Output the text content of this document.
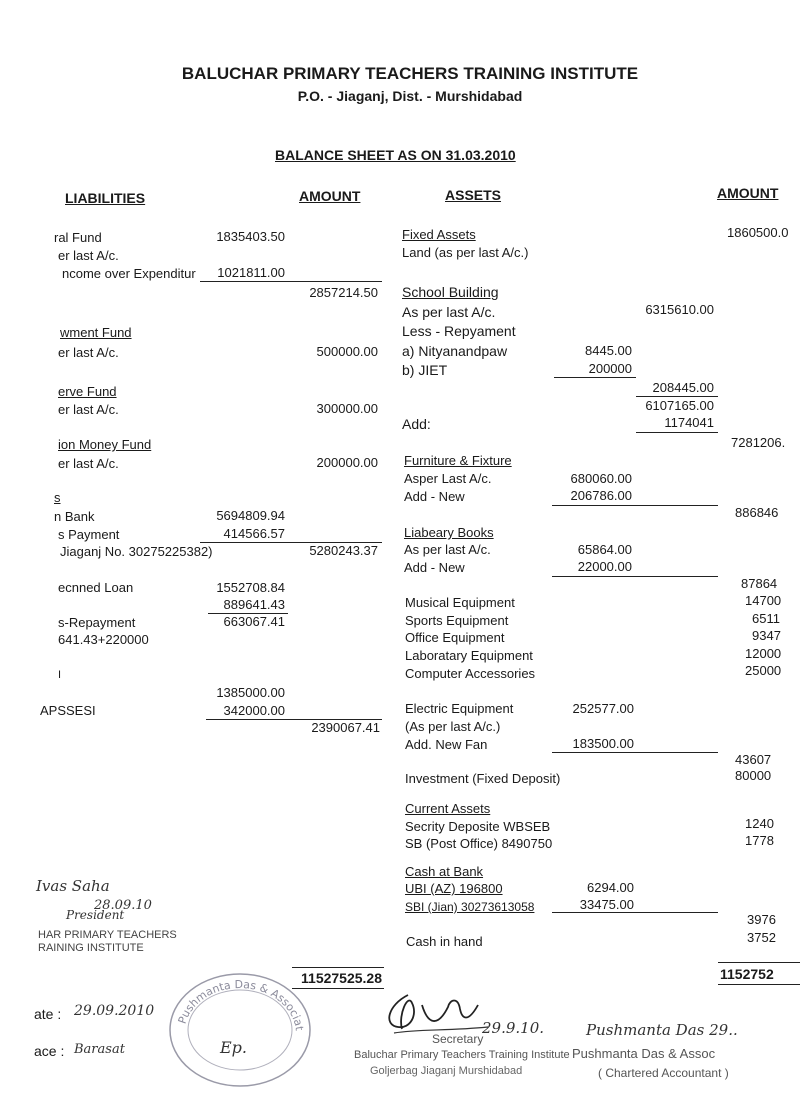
BALUCHAR PRIMARY TEACHERS TRAINING INSTITUTE
P.O. - Jiaganj, Dist. - Murshidabad
BALANCE SHEET AS ON 31.03.2010
LIABILITIES	AMOUNT	ASSETS	AMOUNT
ral Fund	1835403.50
er last A/c.
ncome over Expenditur	1021811.00
2857214.50
wment Fund
er last A/c.	500000.00
erve Fund
er last A/c.	300000.00
ion Money Fund
er last A/c.	200000.00
s
n Bank	5694809.94
s Payment	414566.57
Jiaganj No. 30275225382)	5280243.37
ecnned Loan	1552708.84
889641.43
s-Repayment	663067.41
641.43+220000
I
1385000.00
APSSESI	342000.00
2390067.41
11527525.28
Fixed Assets
Land (as per last A/c.)
1860500.0
School Building
As per last A/c.	6315610.00
Less - Repyament
a) Nityanandpaw	8445.00
b) JIET	200000
208445.00
6107165.00
Add:	1174041
7281206.
Furniture & Fixture
Asper Last A/c.	680060.00
Add - New	206786.00
886846
Liabeary Books
As per last A/c.	65864.00
Add - New	22000.00
87864
Musical Equipment	14700
Sports Equipment	6511
Office Equipment	9347
Laboratary Equipment	12000
Computer Accessories	25000
Electric Equipment	252577.00
(As per last A/c.)
Add. New Fan	183500.00
43607
Investment (Fixed Deposit)	80000
Current Assets
Secrity Deposite WBSEB	1240
SB (Post Office) 8490750	1778
Cash at Bank
UBI (AZ) 196800	6294.00
SBI (Jian) 30273613058	33475.00
3976
Cash in hand	3752
1152752
Ivas Saha
28.09.10
President
HAR PRIMARY TEACHERS
RAINING INSTITUTE
ate : 29.09.2010
ace : Barasat	Ep.
Pushmanta Das & Associat	29.9.10.
Secretary
Baluchar Primary Teachers Training Institute
Goljerbag Jiaganj Murshidabad
Pushmanta Das 29..
Pushmanta Das & Assoc
( Chartered Accountant )
